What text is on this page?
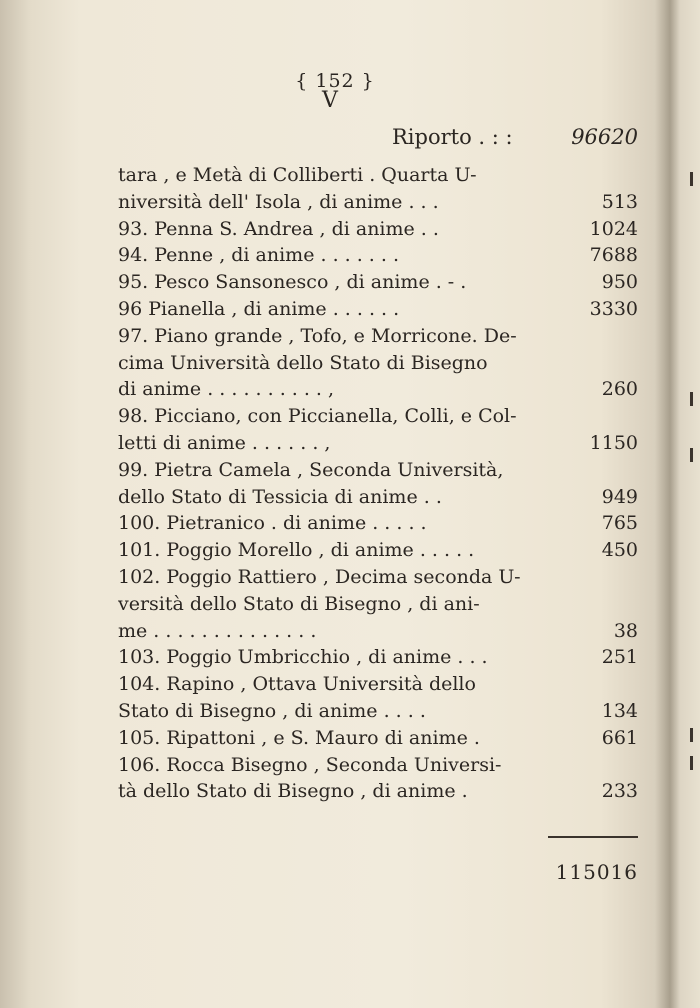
{ 152 }
V
Riporto . : :	96620
tara , e Metà di Colliberti . Quarta U-
niversità dell' Isola , di anime . . .	513
93. Penna S. Andrea , di anime . .	1024
94. Penne , di anime . . . . . . .	7688
95. Pesco Sansonesco , di anime . - .	950
96 Pianella , di anime . . . . . .	3330
97. Piano grande , Tofo, e Morricone. De-
cima Università dello Stato di Bisegno
di anime . . . . . . . . . . ,	260
98. Picciano, con Piccianella, Colli, e Col-
letti di anime . . . . . . ,	1150
99. Pietra Camela , Seconda Università,
dello Stato di Tessicia di anime . .	949
100. Pietranico . di anime . . . . .	765
101. Poggio Morello , di anime . . . . .	450
102. Poggio Rattiero , Decima seconda U-
versità dello Stato di Bisegno , di ani-
me . . . . . . . . . . . . . .	38
103. Poggio Umbricchio , di anime . . .	251
104. Rapino , Ottava Università dello
Stato di Bisegno , di anime . . . .	134
105. Ripattoni , e S. Mauro di anime .	661
106. Rocca Bisegno , Seconda Universi-
tà dello Stato di Bisegno , di anime .	233
115016
